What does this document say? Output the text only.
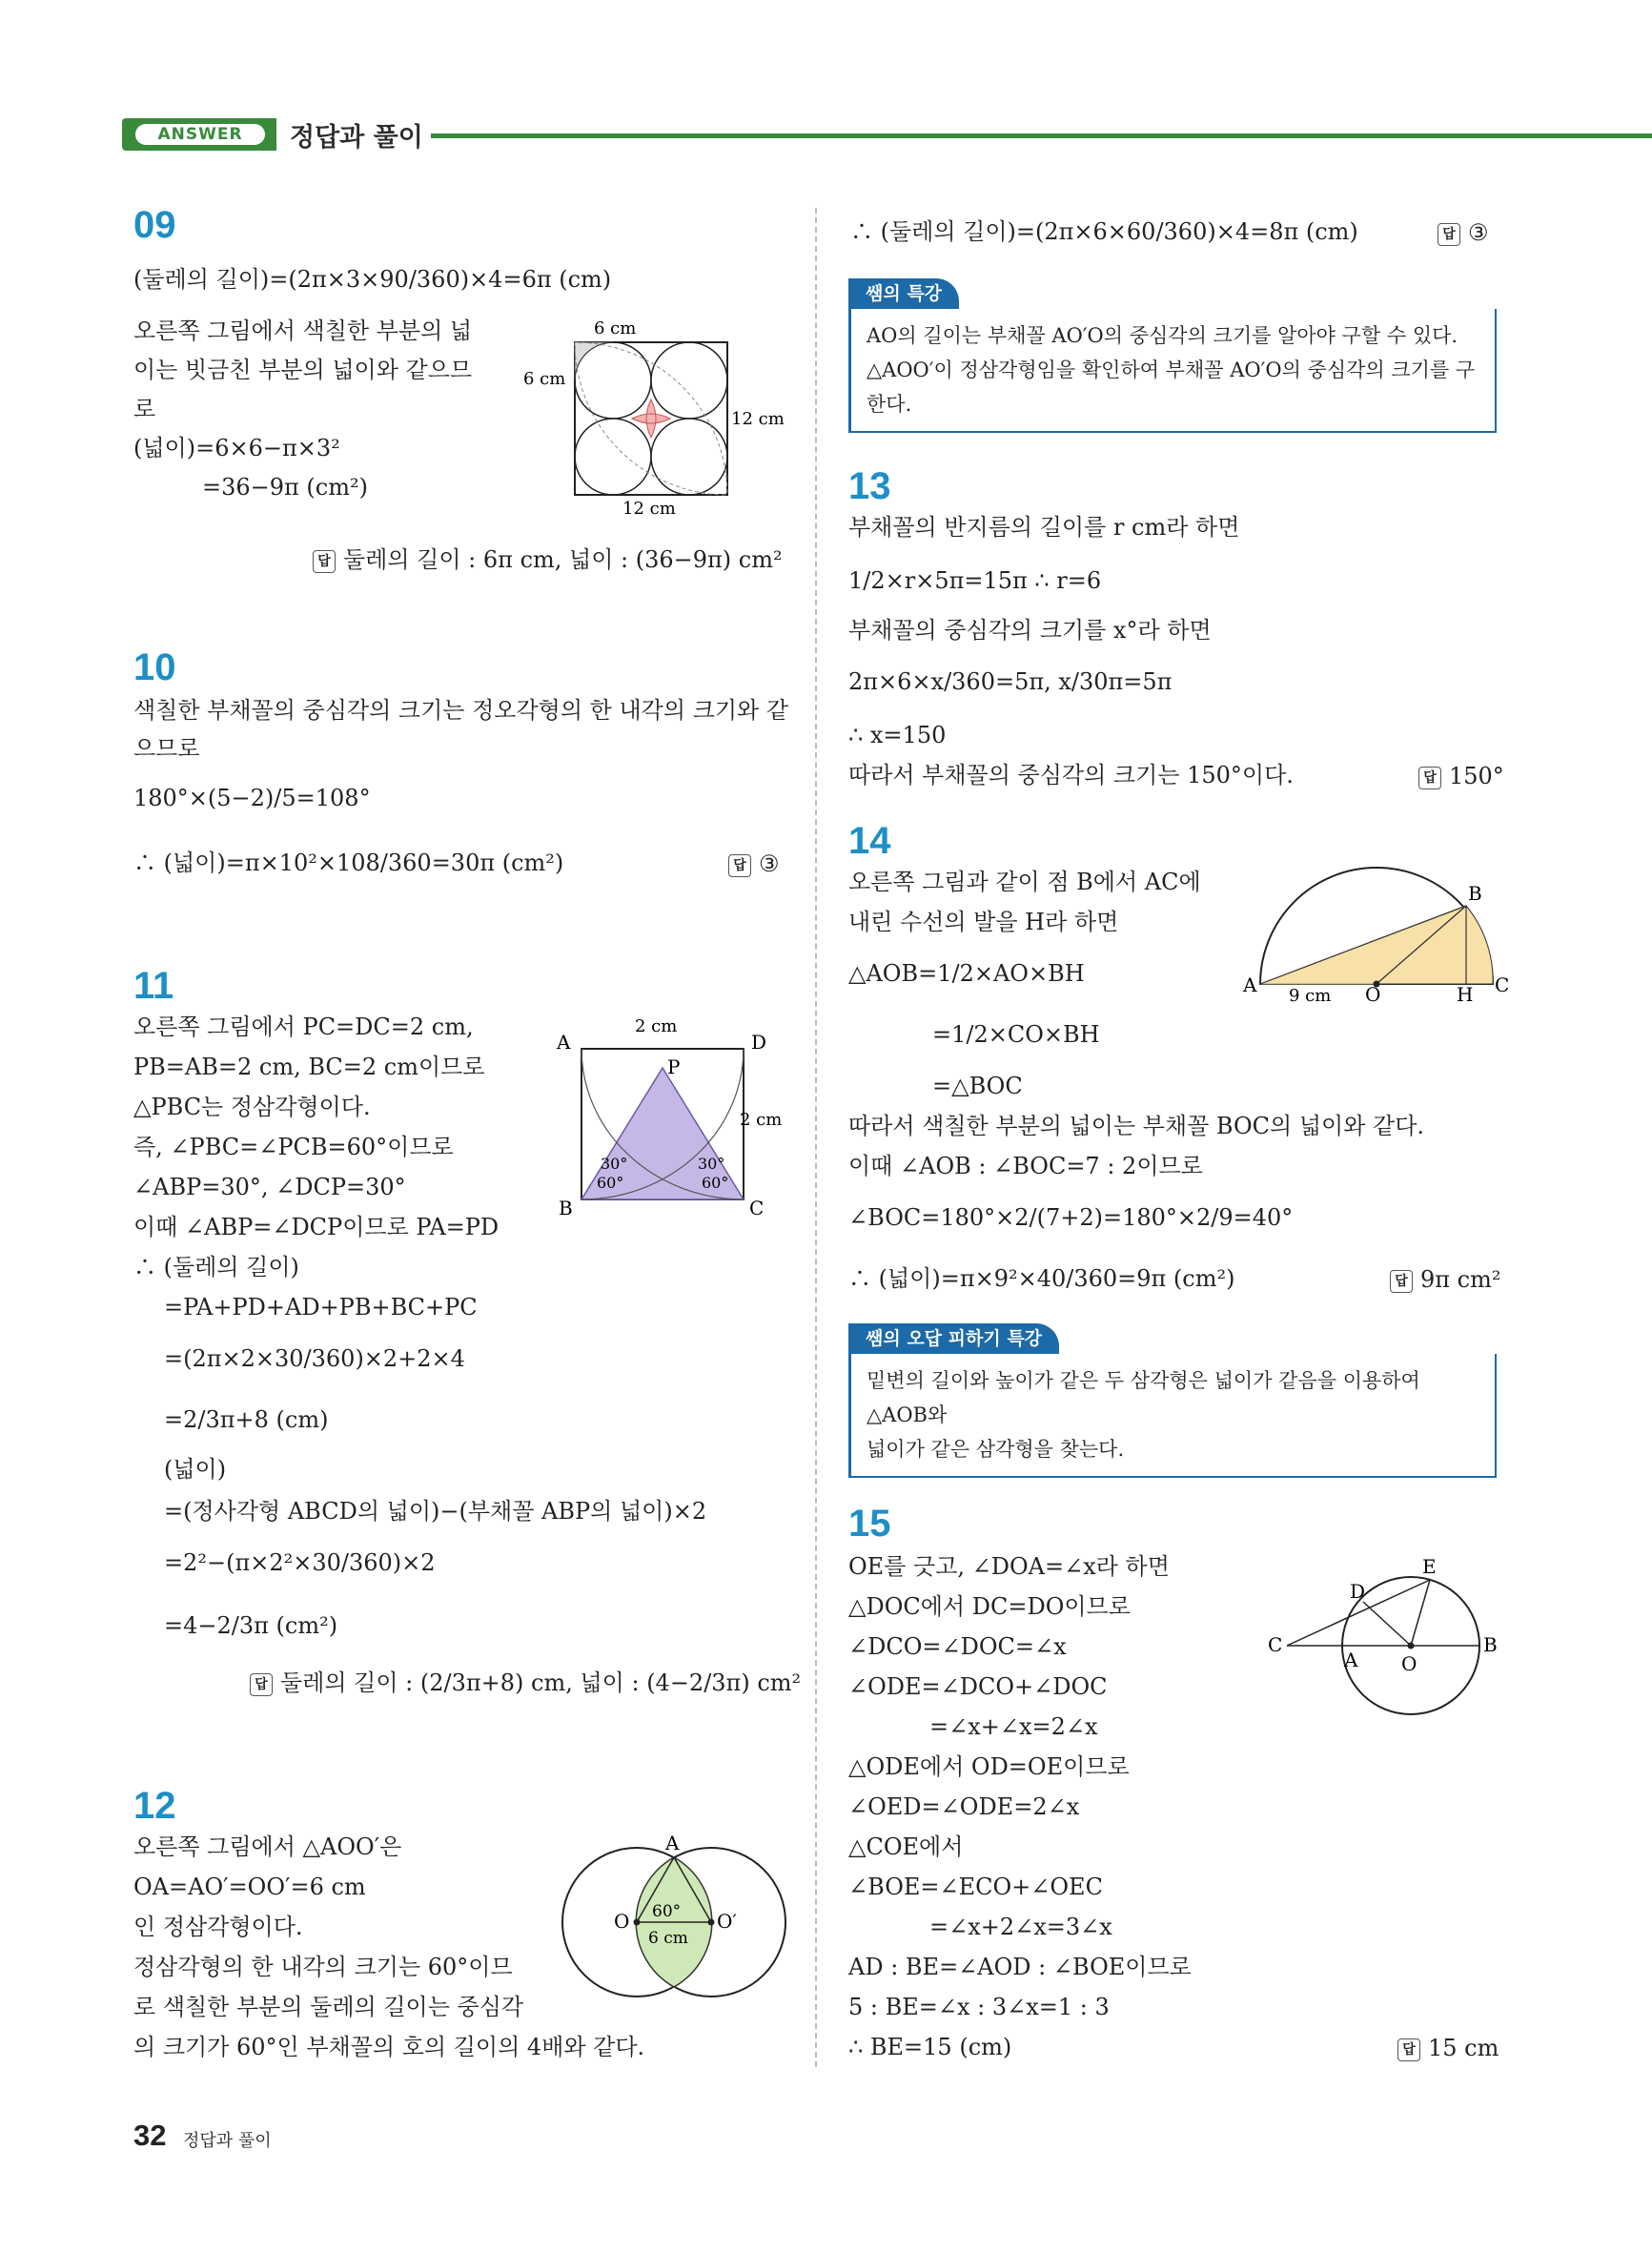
ANSWER	정답과 풀이
09
(둘레의 길이)=(2π×3×90/360)×4=6π (cm)
오른쪽 그림에서 색칠한 부분의 넓
이는 빗금친 부분의 넓이와 같으므
로
(넓이)=6×6−π×3²
=36−9π (cm²)
6 cm
6 cm
12 cm
12 cm
답 둘레의 길이 : 6π cm, 넓이 : (36−9π) cm²
10
색칠한 부채꼴의 중심각의 크기는 정오각형의 한 내각의 크기와 같
으므로
180°×(5−2)/5=108°
∴ (넓이)=π×10²×108/360=30π (cm²)	답 ③
11
오른쪽 그림에서 PC=DC=2 cm,
PB=AB=2 cm, BC=2 cm이므로
△PBC는 정삼각형이다.
즉, ∠PBC=∠PCB=60°이므로
∠ABP=30°, ∠DCP=30°
이때 ∠ABP=∠DCP이므로 PA=PD
∴ (둘레의 길이)
=PA+PD+AD+PB+BC+PC
=(2π×2×30/360)×2+2×4
=2/3π+8 (cm)
(넓이)
=(정사각형 ABCD의 넓이)−(부채꼴 ABP의 넓이)×2
=2²−(π×2²×30/360)×2
=4−2/3π (cm²)
A	D
B	C
P
2 cm
2 cm
30°
60°
30°
60°
답 둘레의 길이 : (2/3π+8) cm, 넓이 : (4−2/3π) cm²
12
오른쪽 그림에서 △AOO′은
OA=AO′=OO′=6 cm
인 정삼각형이다.
정삼각형의 한 내각의 크기는 60°이므
로 색칠한 부분의 둘레의 길이는 중심각
의 크기가 60°인 부채꼴의 호의 길이의 4배와 같다.
A
O	O′
60°
6 cm
∴ (둘레의 길이)=(2π×6×60/360)×4=8π (cm)	답 ③
쌤의 특강
AO의 길이는 부채꼴 AO′O의 중심각의 크기를 알아야 구할 수 있다.
△AOO′이 정삼각형임을 확인하여 부채꼴 AO′O의 중심각의 크기를 구한다.
13
부채꼴의 반지름의 길이를 r cm라 하면
1/2×r×5π=15π ∴ r=6
부채꼴의 중심각의 크기를 x°라 하면
2π×6×x/360=5π, x/30π=5π
∴ x=150
따라서 부채꼴의 중심각의 크기는 150°이다.	답 150°
14
오른쪽 그림과 같이 점 B에서 AC에
내린 수선의 발을 H라 하면
△AOB=1/2×AO×BH
=1/2×CO×BH
=△BOC
따라서 색칠한 부분의 넓이는 부채꼴 BOC의 넓이와 같다.
이때 ∠AOB : ∠BOC=7 : 2이므로
∠BOC=180°×2/(7+2)=180°×2/9=40°
∴ (넓이)=π×9²×40/360=9π (cm²)	답 9π cm²
A
B
C
O	H
9 cm
쌤의 오답 피하기 특강
밑변의 길이와 높이가 같은 두 삼각형은 넓이가 같음을 이용하여 △AOB와
넓이가 같은 삼각형을 찾는다.
15
OE를 긋고, ∠DOA=∠x라 하면
△DOC에서 DC=DO이므로
∠DCO=∠DOC=∠x
∠ODE=∠DCO+∠DOC
=∠x+∠x=2∠x
△ODE에서 OD=OE이므로
∠OED=∠ODE=2∠x
△COE에서
∠BOE=∠ECO+∠OEC
=∠x+2∠x=3∠x
AD : BE=∠AOD : ∠BOE이므로
5 : BE=∠x : 3∠x=1 : 3
∴ BE=15 (cm)	답 15 cm
C	B
E
D
A O
32 정답과 풀이
